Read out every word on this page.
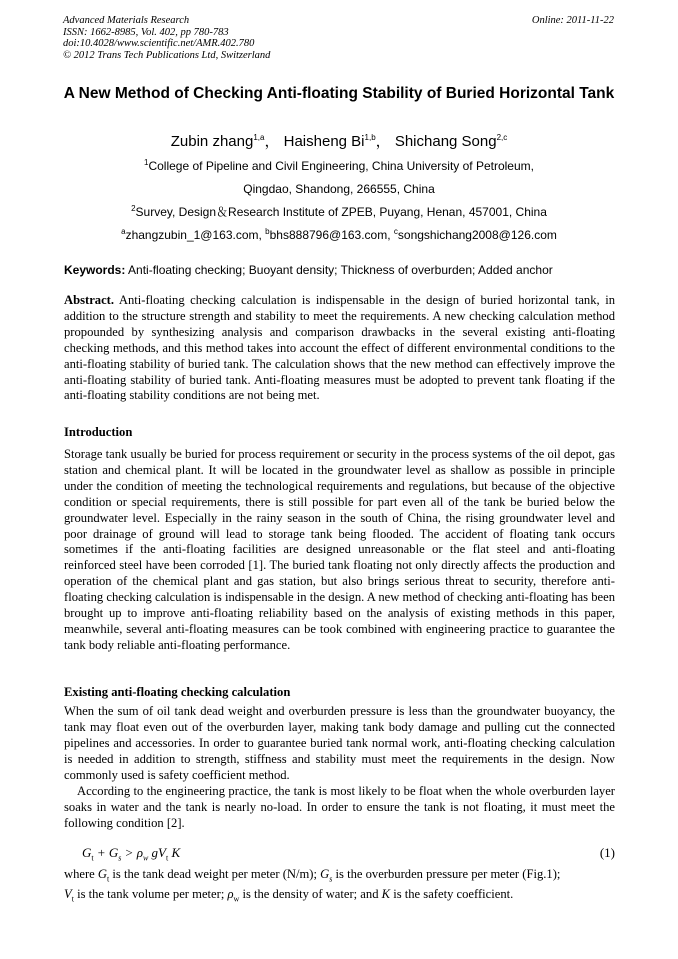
Advanced Materials Research
ISSN: 1662-8985, Vol. 402, pp 780-783
doi:10.4028/www.scientific.net/AMR.402.780
© 2012 Trans Tech Publications Ltd, Switzerland
Online: 2011-11-22
A New Method of Checking Anti-floating Stability of Buried Horizontal Tank
Zubin zhang$^{1,a}$， Haisheng Bi$^{1,b}$， Shichang Song$^{2,c}$
$^1$College of Pipeline and Civil Engineering, China University of Petroleum,
Qingdao, Shandong, 266555, China
$^2$Survey, Design＆Research Institute of ZPEB, Puyang, Henan, 457001, China
$^a$zhangzubin_1@163.com, $^b$bhs888796@163.com, $^c$songshichang2008@126.com
Keywords: Anti-floating checking; Buoyant density; Thickness of overburden; Added anchor
Abstract. Anti-floating checking calculation is indispensable in the design of buried horizontal tank, in addition to the structure strength and stability to meet the requirements. A new checking calculation method propounded by synthesizing analysis and comparison drawbacks in the several existing anti-floating checking methods, and this method takes into account the effect of different environmental conditions to the anti-floating stability of buried tank. The calculation shows that the new method can effectively improve the anti-floating stability of buried tank. Anti-floating measures must be adopted to prevent tank floating if the anti-floating stability conditions are not being met.
Introduction
Storage tank usually be buried for process requirement or security in the process systems of the oil depot, gas station and chemical plant. It will be located in the groundwater level as shallow as possible in principle under the condition of meeting the technological requirements and regulations, but because of the objective condition or special requirements, there is still possible for part even all of the tank be buried below the groundwater level. Especially in the rainy season in the south of China, the rising groundwater level and poor drainage of ground will lead to storage tank being flooded. The accident of floating tank occurs sometimes if the anti-floating facilities are designed unreasonable or the flat steel and anti-floating reinforced steel have been corroded [1]. The buried tank floating not only directly affects the production and operation of the chemical plant and gas station, but also brings serious threat to security, therefore anti-floating checking calculation is indispensable in the design. A new method of checking anti-floating has been brought up to improve anti-floating reliability based on the analysis of existing methods in this paper, meanwhile, several anti-floating measures can be took combined with engineering practice to guarantee the tank body reliable anti-floating performance.
Existing anti-floating checking calculation
When the sum of oil tank dead weight and overburden pressure is less than the groundwater buoyancy, the tank may float even out of the overburden layer, making tank body damage and pulling cut the connected pipelines and accessories. In order to guarantee buried tank normal work, anti-floating checking calculation is needed in addition to strength, stiffness and stability must meet the requirements in the design. Now commonly used is safety coefficient method.
According to the engineering practice, the tank is most likely to be float when the whole overburden layer soaks in water and the tank is nearly no-load. In order to ensure the tank is not floating, it must meet the following condition [2].
$G_t + G_s > \rho_w$ $gV_t$ K	(1)
where $G_t$ is the tank dead weight per meter (N/m); $G_s$ is the overburden pressure per meter (Fig.1);
$V_t$ is the tank volume per meter; $\rho_w$ is the density of water; and K is the safety coefficient.
